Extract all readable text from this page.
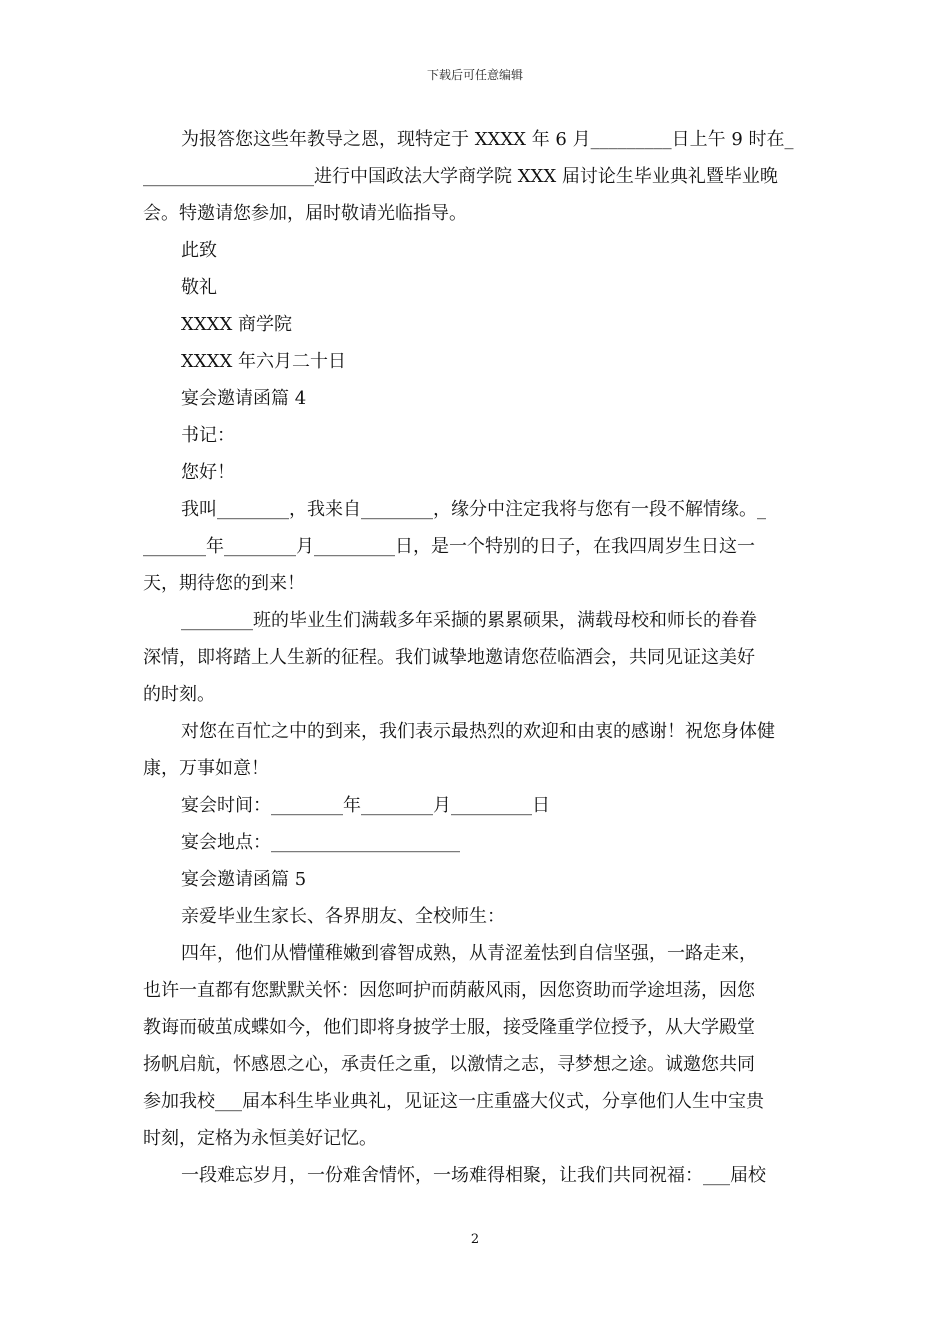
下载后可任意编辑
为报答您这些年教导之恩，现特定于 XXXX 年 6 月_________日上午 9 时在_
___________________进行中国政法大学商学院 XXX 届讨论生毕业典礼暨毕业晚
会。特邀请您参加，届时敬请光临指导。
此致
敬礼
XXXX 商学院
XXXX 年六月二十日
宴会邀请函篇 4
书记：
您好！
我叫________，我来自________，缘分中注定我将与您有一段不解情缘。_
_______年________月_________日，是一个特别的日子，在我四周岁生日这一
天，期待您的到来！
________班的毕业生们满载多年采撷的累累硕果，满载母校和师长的眷眷
深情，即将踏上人生新的征程。我们诚挚地邀请您莅临酒会，共同见证这美好
的时刻。
对您在百忙之中的到来，我们表示最热烈的欢迎和由衷的感谢！祝您身体健
康，万事如意！
宴会时间：________年________月_________日
宴会地点：_____________________
宴会邀请函篇 5
亲爱毕业生家长、各界朋友、全校师生：
四年，他们从懵懂稚嫩到睿智成熟，从青涩羞怯到自信坚强，一路走来，
也许一直都有您默默关怀：因您呵护而荫蔽风雨，因您资助而学途坦荡，因您
教诲而破茧成蝶如今，他们即将身披学士服，接受隆重学位授予，从大学殿堂
扬帆启航，怀感恩之心，承责任之重，以激情之志，寻梦想之途。诚邀您共同
参加我校___届本科生毕业典礼，见证这一庄重盛大仪式，分享他们人生中宝贵
时刻，定格为永恒美好记忆。
一段难忘岁月，一份难舍情怀，一场难得相聚，让我们共同祝福：___届校
2
